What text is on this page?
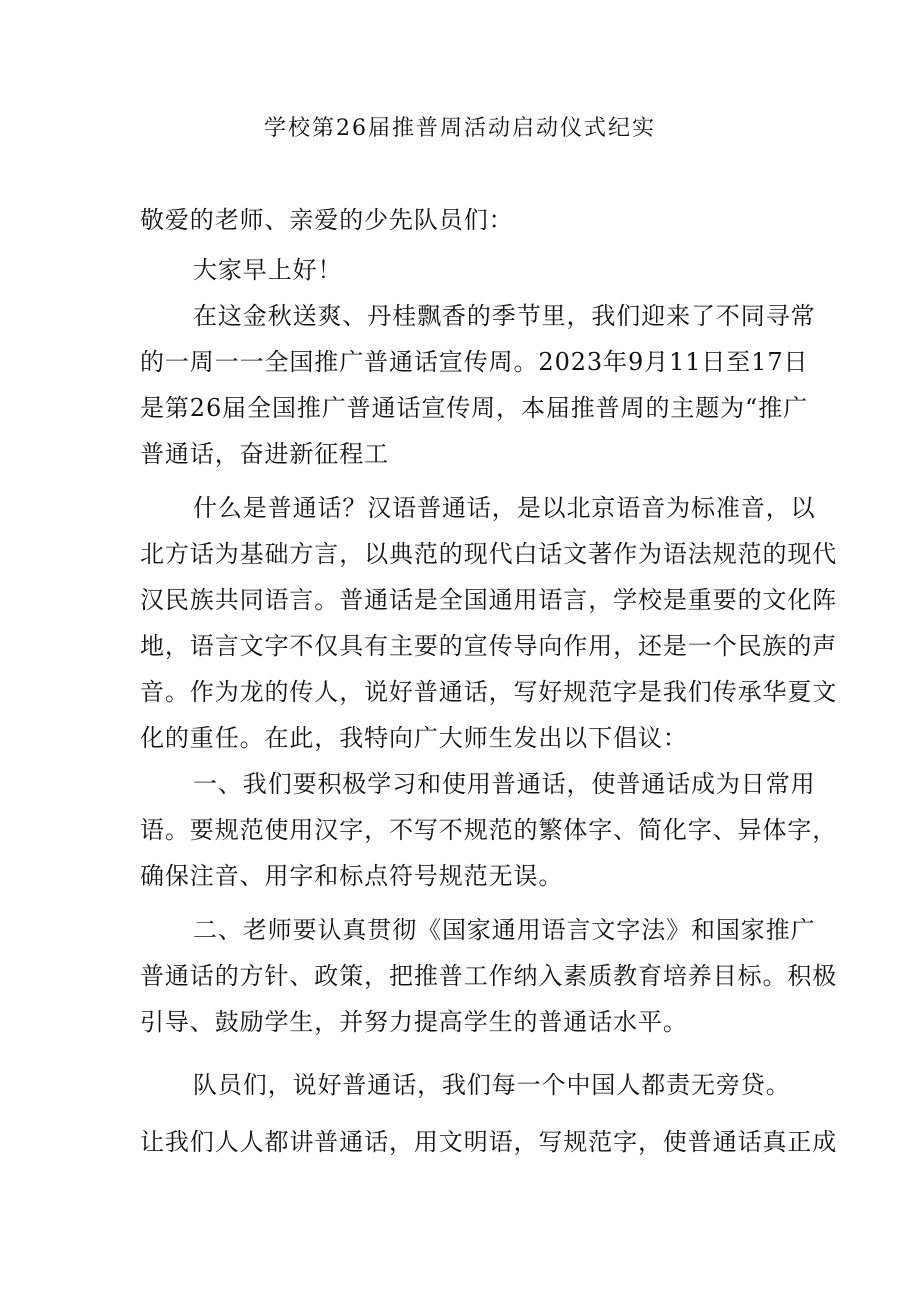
学校第26届推普周活动启动仪式纪实
敬爱的老师、亲爱的少先队员们：
大家早上好！
在这金秋送爽、丹桂飘香的季节里，我们迎来了不同寻常
的一周一一全国推广普通话宣传周。2023年9月11日至17日
是第26届全国推广普通话宣传周，本届推普周的主题为“推广
普通话，奋进新征程工
什么是普通话？汉语普通话，是以北京语音为标准音，以
北方话为基础方言，以典范的现代白话文著作为语法规范的现代
汉民族共同语言。普通话是全国通用语言，学校是重要的文化阵
地，语言文字不仅具有主要的宣传导向作用，还是一个民族的声
音。作为龙的传人，说好普通话，写好规范字是我们传承华夏文
化的重任。在此，我特向广大师生发出以下倡议：
一、我们要积极学习和使用普通话，使普通话成为日常用
语。要规范使用汉字，不写不规范的繁体字、简化字、异体字，
确保注音、用字和标点符号规范无误。
二、老师要认真贯彻《国家通用语言文字法》和国家推广
普通话的方针、政策，把推普工作纳入素质教育培养目标。积极
引导、鼓励学生，并努力提高学生的普通话水平。
队员们，说好普通话，我们每一个中国人都责无旁贷。
让我们人人都讲普通话，用文明语，写规范字，使普通话真正成
